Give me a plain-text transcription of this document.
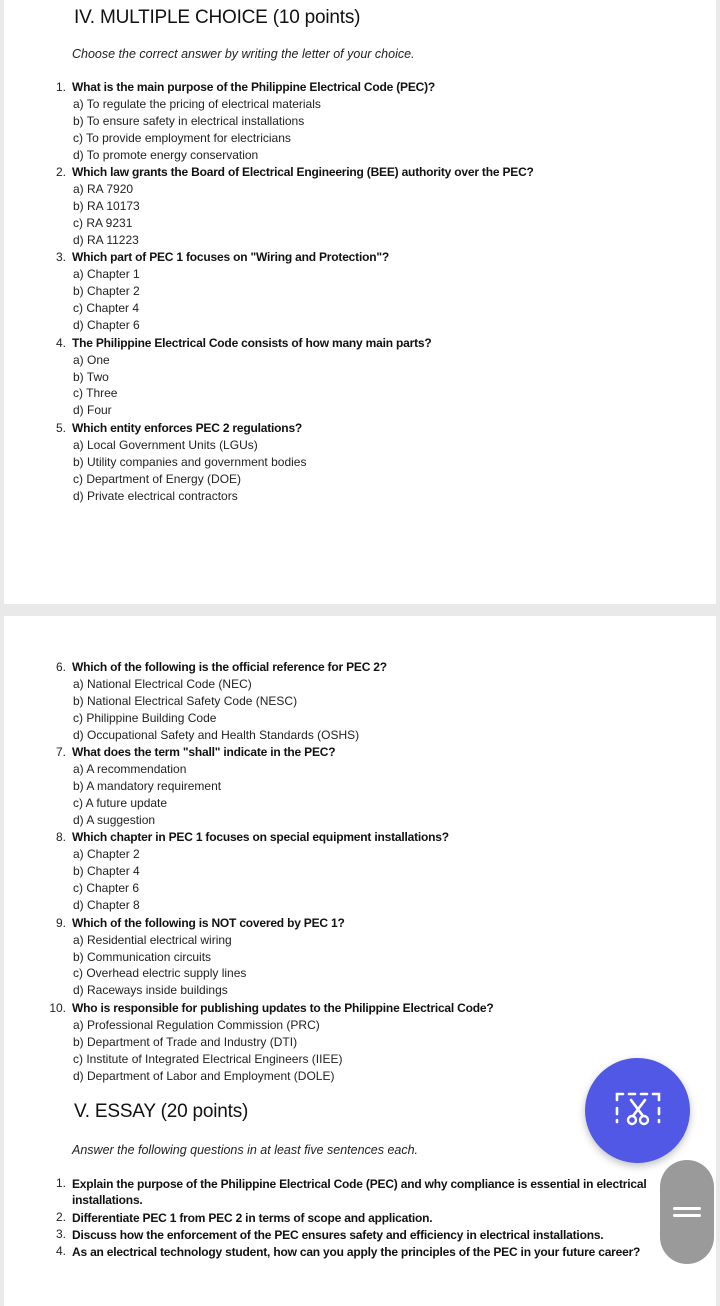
IV. MULTIPLE CHOICE (10 points)
Choose the correct answer by writing the letter of your choice.
1. What is the main purpose of the Philippine Electrical Code (PEC)?
a) To regulate the pricing of electrical materials
b) To ensure safety in electrical installations
c) To provide employment for electricians
d) To promote energy conservation
2. Which law grants the Board of Electrical Engineering (BEE) authority over the PEC?
a) RA 7920
b) RA 10173
c) RA 9231
d) RA 11223
3. Which part of PEC 1 focuses on "Wiring and Protection"?
a) Chapter 1
b) Chapter 2
c) Chapter 4
d) Chapter 6
4. The Philippine Electrical Code consists of how many main parts?
a) One
b) Two
c) Three
d) Four
5. Which entity enforces PEC 2 regulations?
a) Local Government Units (LGUs)
b) Utility companies and government bodies
c) Department of Energy (DOE)
d) Private electrical contractors
6. Which of the following is the official reference for PEC 2?
a) National Electrical Code (NEC)
b) National Electrical Safety Code (NESC)
c) Philippine Building Code
d) Occupational Safety and Health Standards (OSHS)
7. What does the term "shall" indicate in the PEC?
a) A recommendation
b) A mandatory requirement
c) A future update
d) A suggestion
8. Which chapter in PEC 1 focuses on special equipment installations?
a) Chapter 2
b) Chapter 4
c) Chapter 6
d) Chapter 8
9. Which of the following is NOT covered by PEC 1?
a) Residential electrical wiring
b) Communication circuits
c) Overhead electric supply lines
d) Raceways inside buildings
10. Who is responsible for publishing updates to the Philippine Electrical Code?
a) Professional Regulation Commission (PRC)
b) Department of Trade and Industry (DTI)
c) Institute of Integrated Electrical Engineers (IIEE)
d) Department of Labor and Employment (DOLE)
V. ESSAY (20 points)
Answer the following questions in at least five sentences each.
1. Explain the purpose of the Philippine Electrical Code (PEC) and why compliance is essential in electrical installations.
2. Differentiate PEC 1 from PEC 2 in terms of scope and application.
3. Discuss how the enforcement of the PEC ensures safety and efficiency in electrical installations.
4. As an electrical technology student, how can you apply the principles of the PEC in your future career?
